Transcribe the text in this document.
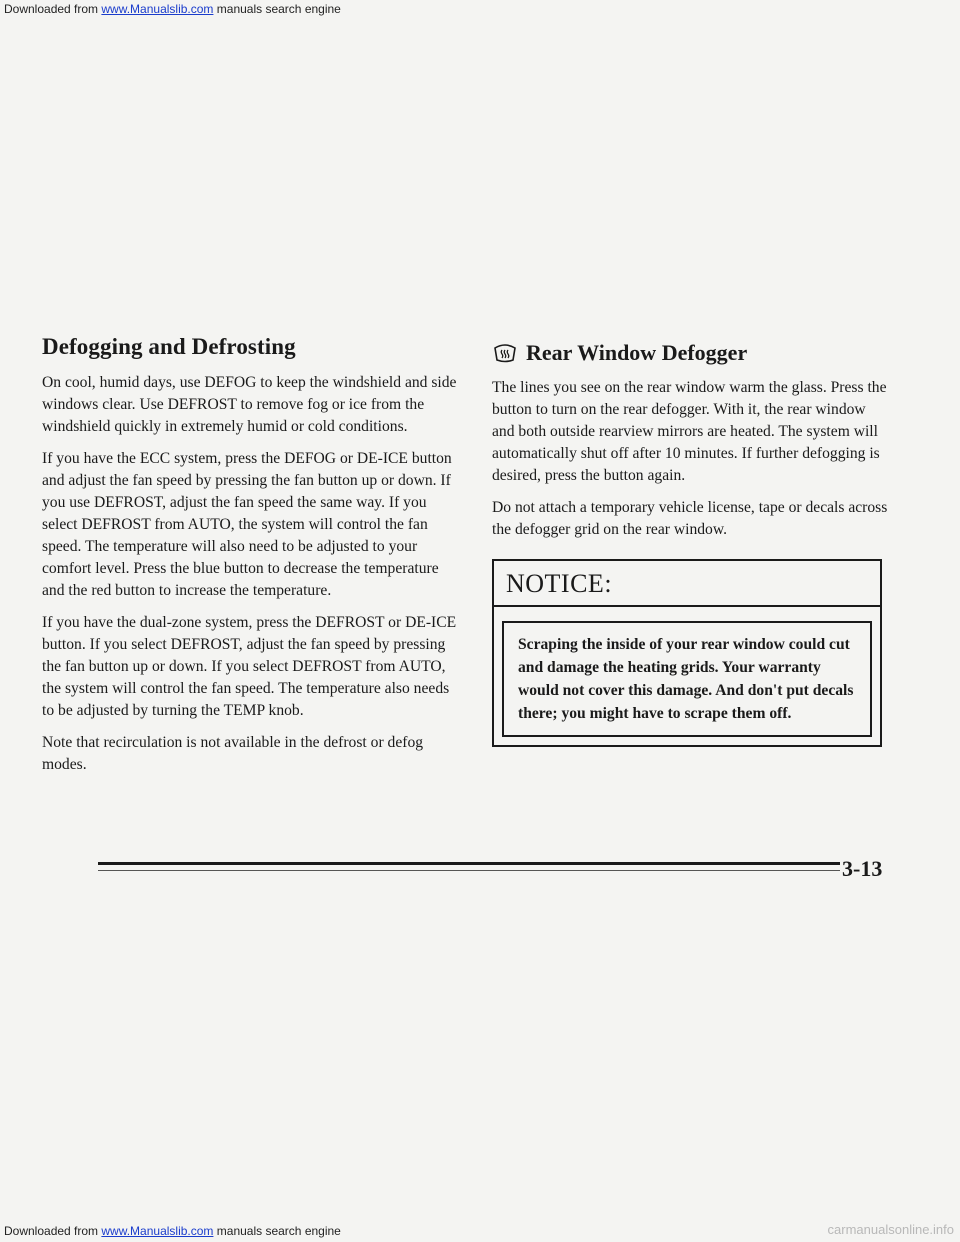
Downloaded from www.Manualslib.com manuals search engine
Defogging and Defrosting

On cool, humid days, use DEFOG to keep the windshield and side windows clear. Use DEFROST to remove fog or ice from the windshield quickly in extremely humid or cold conditions.

If you have the ECC system, press the DEFOG or DE-ICE button and adjust the fan speed by pressing the fan button up or down. If you use DEFROST, adjust the fan speed the same way. If you select DEFROST from AUTO, the system will control the fan speed. The temperature will also need to be adjusted to your comfort level. Press the blue button to decrease the temperature and the red button to increase the temperature.

If you have the dual-zone system, press the DEFROST or DE-ICE button. If you select DEFROST, adjust the fan speed by pressing the fan button up or down. If you select DEFROST from AUTO, the system will control the fan speed. The temperature also needs to be adjusted by turning the TEMP knob.

Note that recirculation is not available in the defrost or defog modes.

Rear Window Defogger

The lines you see on the rear window warm the glass. Press the button to turn on the rear defogger. With it, the rear window and both outside rearview mirrors are heated. The system will automatically shut off after 10 minutes. If further defogging is desired, press the button again.

Do not attach a temporary vehicle license, tape or decals across the defogger grid on the rear window.

NOTICE:
Scraping the inside of your rear window could cut and damage the heating grids. Your warranty would not cover this damage. And don't put decals there; you might have to scrape them off.
3-13
Downloaded from www.Manualslib.com manuals search engine	carmanualsonline.info
